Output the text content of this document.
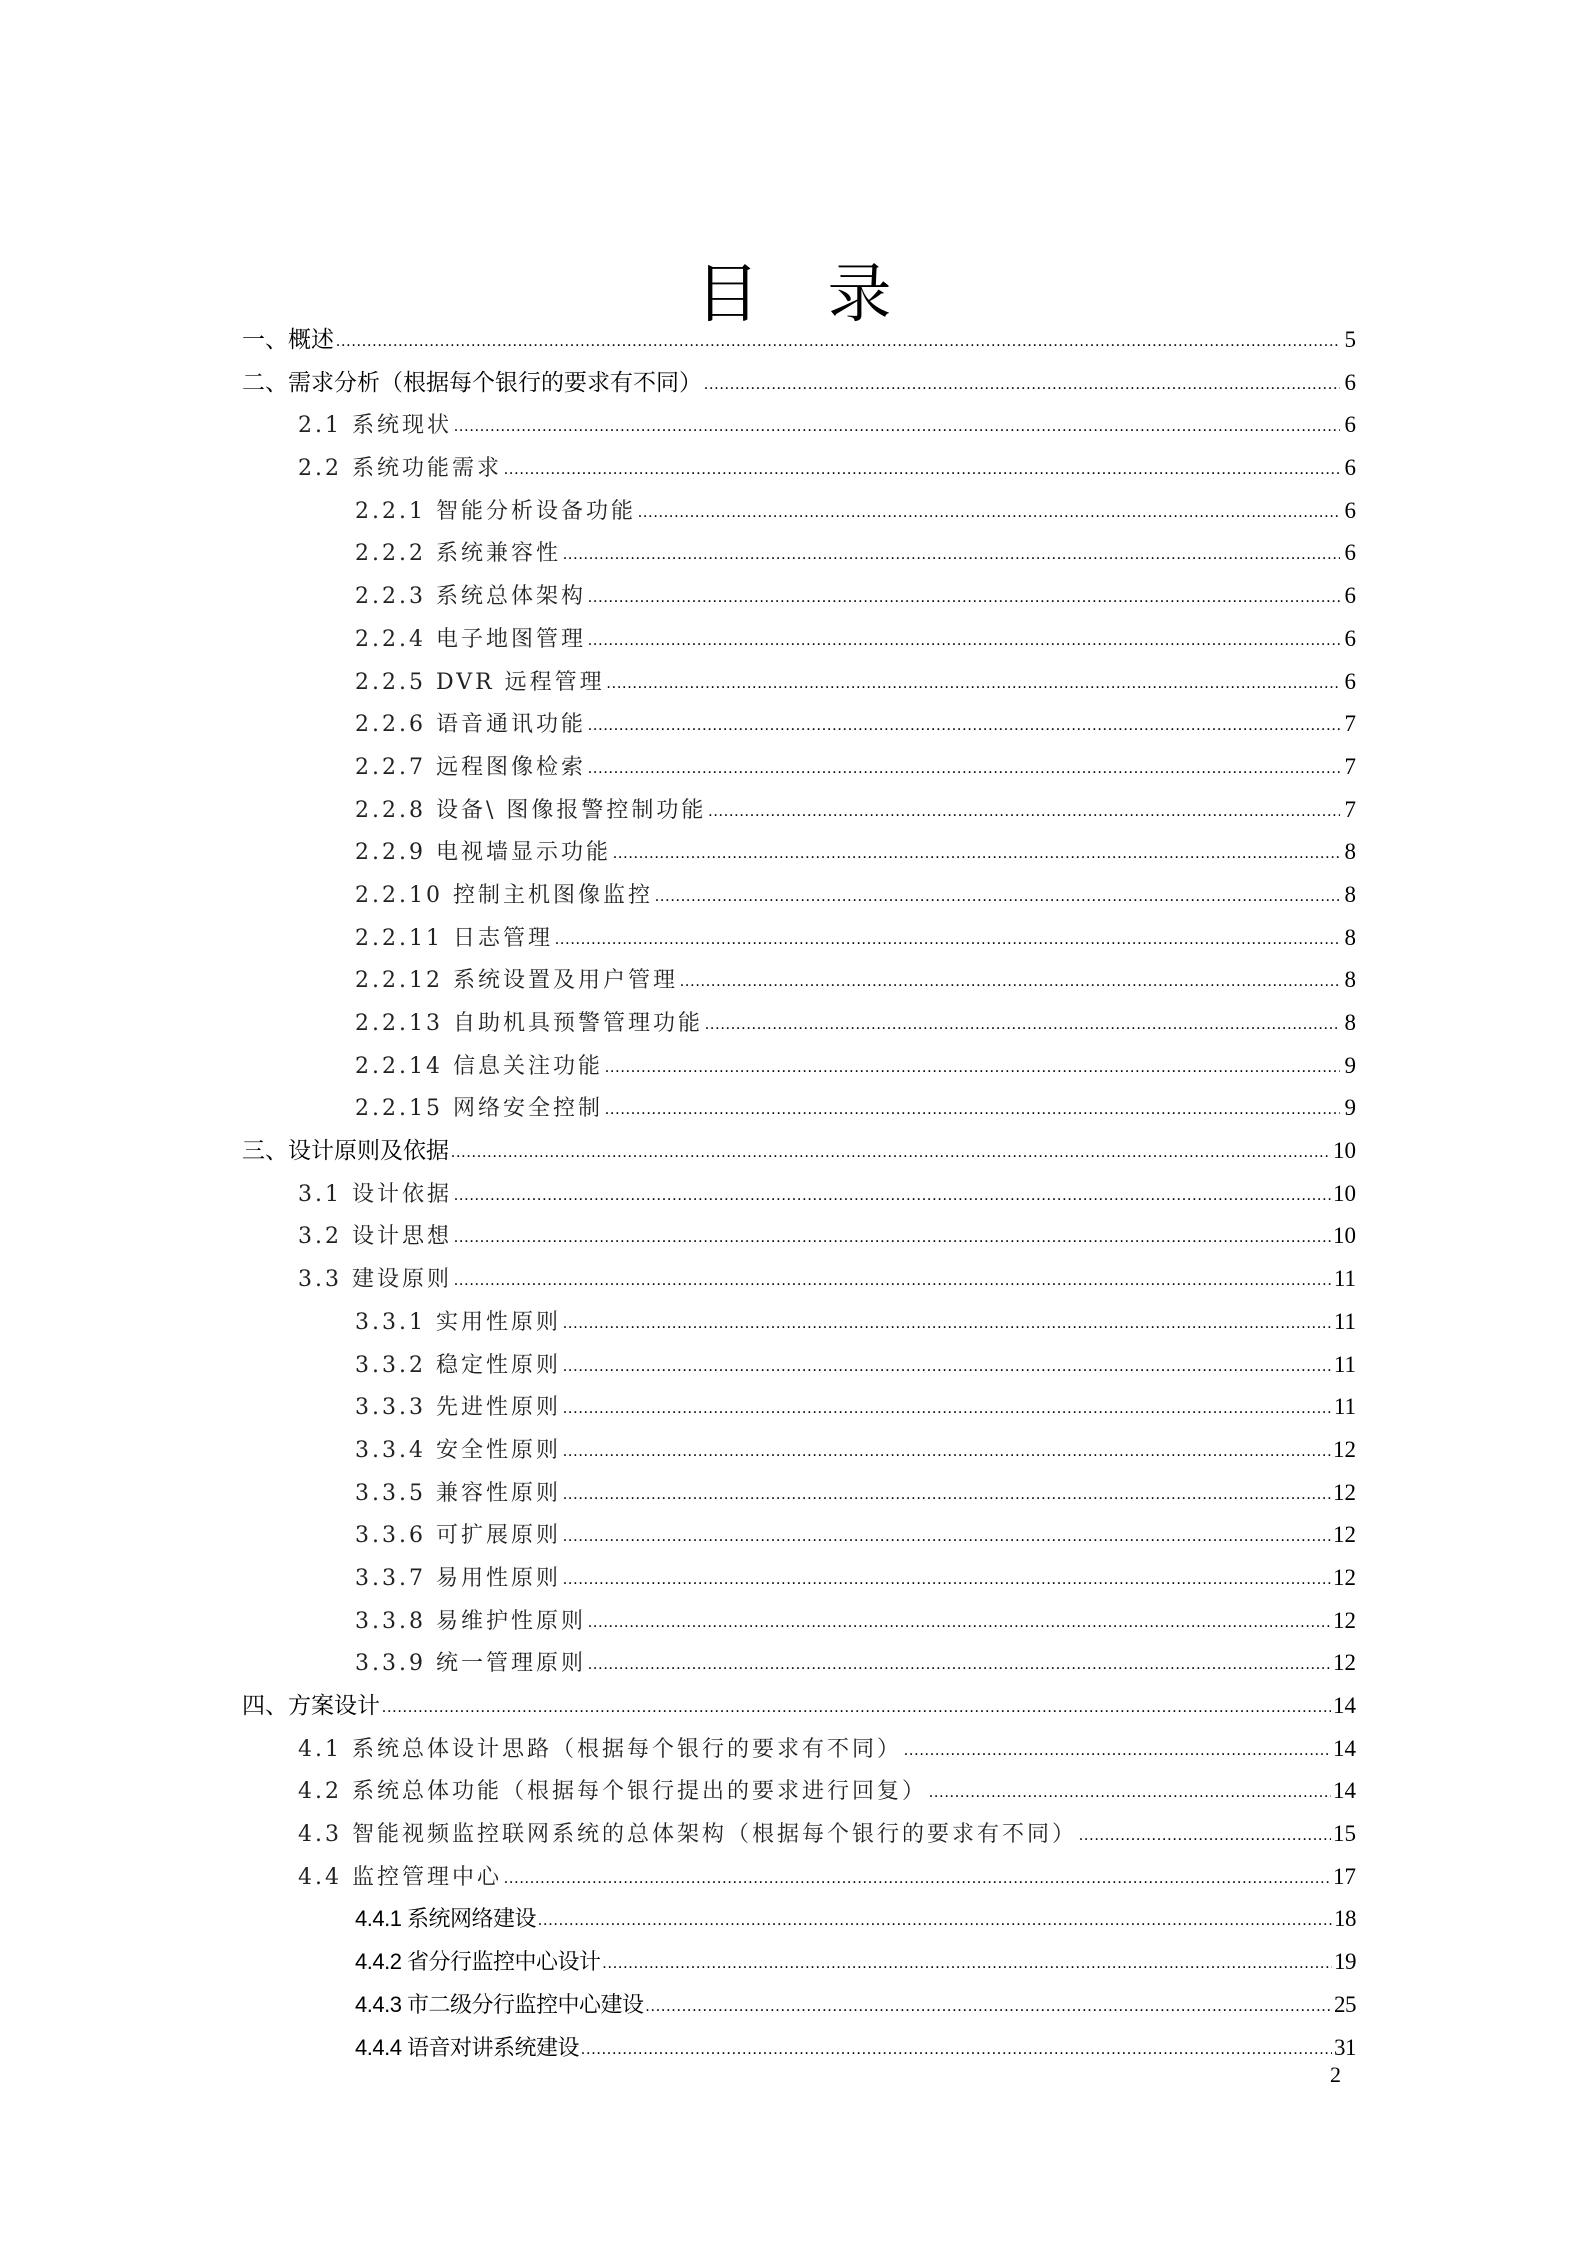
目录
一、概述 .....	5
二、需求分析（根据每个银行的要求有不同） .....	6
2.1 系统现状 .....	6
2.2 系统功能需求 .....	6
2.2.1 智能分析设备功能 .....	6
2.2.2 系统兼容性 .....	6
2.2.3 系统总体架构 .....	6
2.2.4 电子地图管理 .....	6
2.2.5 DVR 远程管理 .....	6
2.2.6 语音通讯功能 .....	7
2.2.7 远程图像检索 .....	7
2.2.8 设备\ 图像报警控制功能 .....	7
2.2.9 电视墙显示功能 .....	8
2.2.10 控制主机图像监控 .....	8
2.2.11 日志管理 .....	8
2.2.12 系统设置及用户管理 .....	8
2.2.13 自助机具预警管理功能 .....	8
2.2.14 信息关注功能 .....	9
2.2.15 网络安全控制 .....	9
三、设计原则及依据 .....	10
3.1 设计依据 .....	10
3.2 设计思想 .....	10
3.3 建设原则 .....	11
3.3.1 实用性原则 .....	11
3.3.2 稳定性原则 .....	11
3.3.3 先进性原则 .....	11
3.3.4 安全性原则 .....	12
3.3.5 兼容性原则 .....	12
3.3.6 可扩展原则 .....	12
3.3.7 易用性原则 .....	12
3.3.8 易维护性原则 .....	12
3.3.9 统一管理原则 .....	12
四、方案设计 .....	14
4.1 系统总体设计思路（根据每个银行的要求有不同） .....	14
4.2 系统总体功能（根据每个银行提出的要求进行回复） .....	14
4.3 智能视频监控联网系统的总体架构（根据每个银行的要求有不同） .....	15
4.4 监控管理中心 .....	17
4.4.1 系统网络建设 .....	18
4.4.2 省分行监控中心设计 .....	19
4.4.3 市二级分行监控中心建设 .....	25
4.4.4 语音对讲系统建设 .....	31
2
